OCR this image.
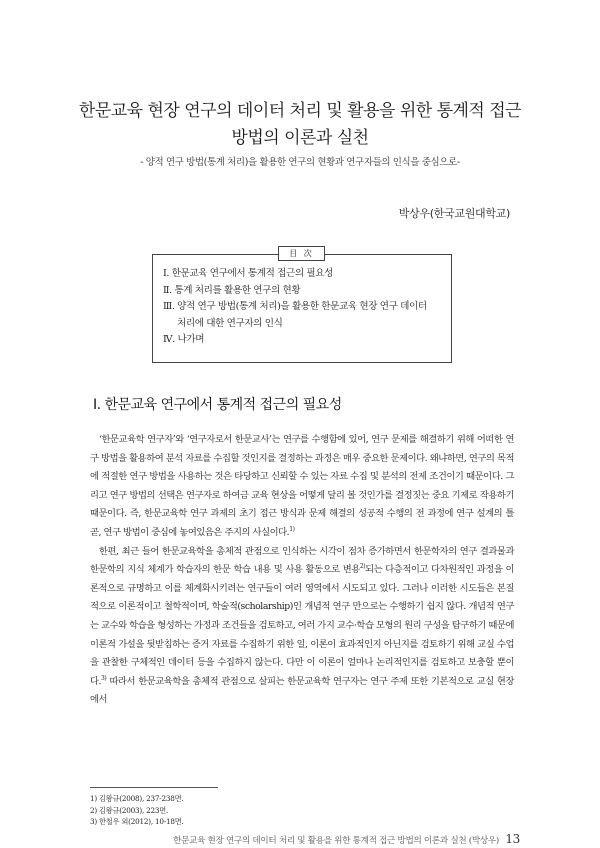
한문교육 현장 연구의 데이터 처리 및 활용을 위한 통계적 접근
방법의 이론과 실천
- 양적 연구 방법(통계 처리)을 활용한 연구의 현황과 연구자들의 인식을 중심으로-
박상우(한국교원대학교)
目 次
Ⅰ. 한문교육 연구에서 통계적 접근의 필요성
Ⅱ. 통계 처리를 활용한 연구의 현황
Ⅲ. 양적 연구 방법(통계 처리)을 활용한 한문교육 현장 연구 데이터
처리에 대한 연구자의 인식
Ⅳ. 나가며
Ⅰ. 한문교육 연구에서 통계적 접근의 필요성

‘한문교육학 연구자’와 ‘연구자로서 한문교사’는 연구를 수행함에 있어, 연구 문제를 해결하기 위해 어떠한 연구 방법을 활용하여 분석 자료를 수집할 것인지를 결정하는 과정은 매우 중요한 문제이다. 왜냐하면, 연구의 목적에 적절한 연구 방법을 사용하는 것은 타당하고 신뢰할 수 있는 자료 수집 및 분석의 전제 조건이기 때문이다. 그리고 연구 방법의 선택은 연구자로 하여금 교육 현상을 어떻게 달리 볼 것인가를 결정짓는 중요 기제로 작용하기 때문이다. 즉, 한문교육학 연구 과제의 초기 접근 방식과 문제 해결의 성공적 수행의 전 과정에 연구 설계의 틀 곧, 연구 방법이 중심에 놓여있음은 주지의 사실이다.$^{1)}$

한편, 최근 들어 한문교육학을 총체적 관점으로 인식하는 시각이 점차 증가하면서 한문학자의 연구 결과물과 한문학의 지식 체계가 학습자의 한문 학습 내용 및 사용 활동으로 변용$^{2)}$되는 다층적이고 다차원적인 과정을 이론적으로 규명하고 이를 체계화시키려는 연구들이 여러 영역에서 시도되고 있다. 그러나 이러한 시도들은 본질적으로 이론적이고 철학적이며, 학술적(scholarship)인 개념적 연구 만으로는 수행하기 쉽지 않다. 개념적 연구는 교수와 학습을 형성하는 가정과 조건들을 검토하고, 여러 가지 교수·학습 모형의 원리 구성을 탐구하기 때문에 이론적 가설을 뒷받침하는 증거 자료를 수집하기 위한 일, 이론이 효과적인지 아닌지를 검토하기 위해 교실 수업을 관찰한 구체적인 데이터 등을 수집하지 않는다. 다만 이 이론이 얼마나 논리적인지를 검토하고 보충할 뿐이다.$^{3)}$ 따라서 한문교육학을 총체적 관점으로 살피는 한문교육학 연구자는 연구 주제 또한 기본적으로 교실 현장에서

1) 김왕규(2008), 237-238면.
2) 김왕규(2003), 223면.
3) 한철우 외(2012), 10-18면.
한문교육 현장 연구의 데이터 처리 및 활용을 위한 통계적 접근 방법의 이론과 실천 (박상우) 13
